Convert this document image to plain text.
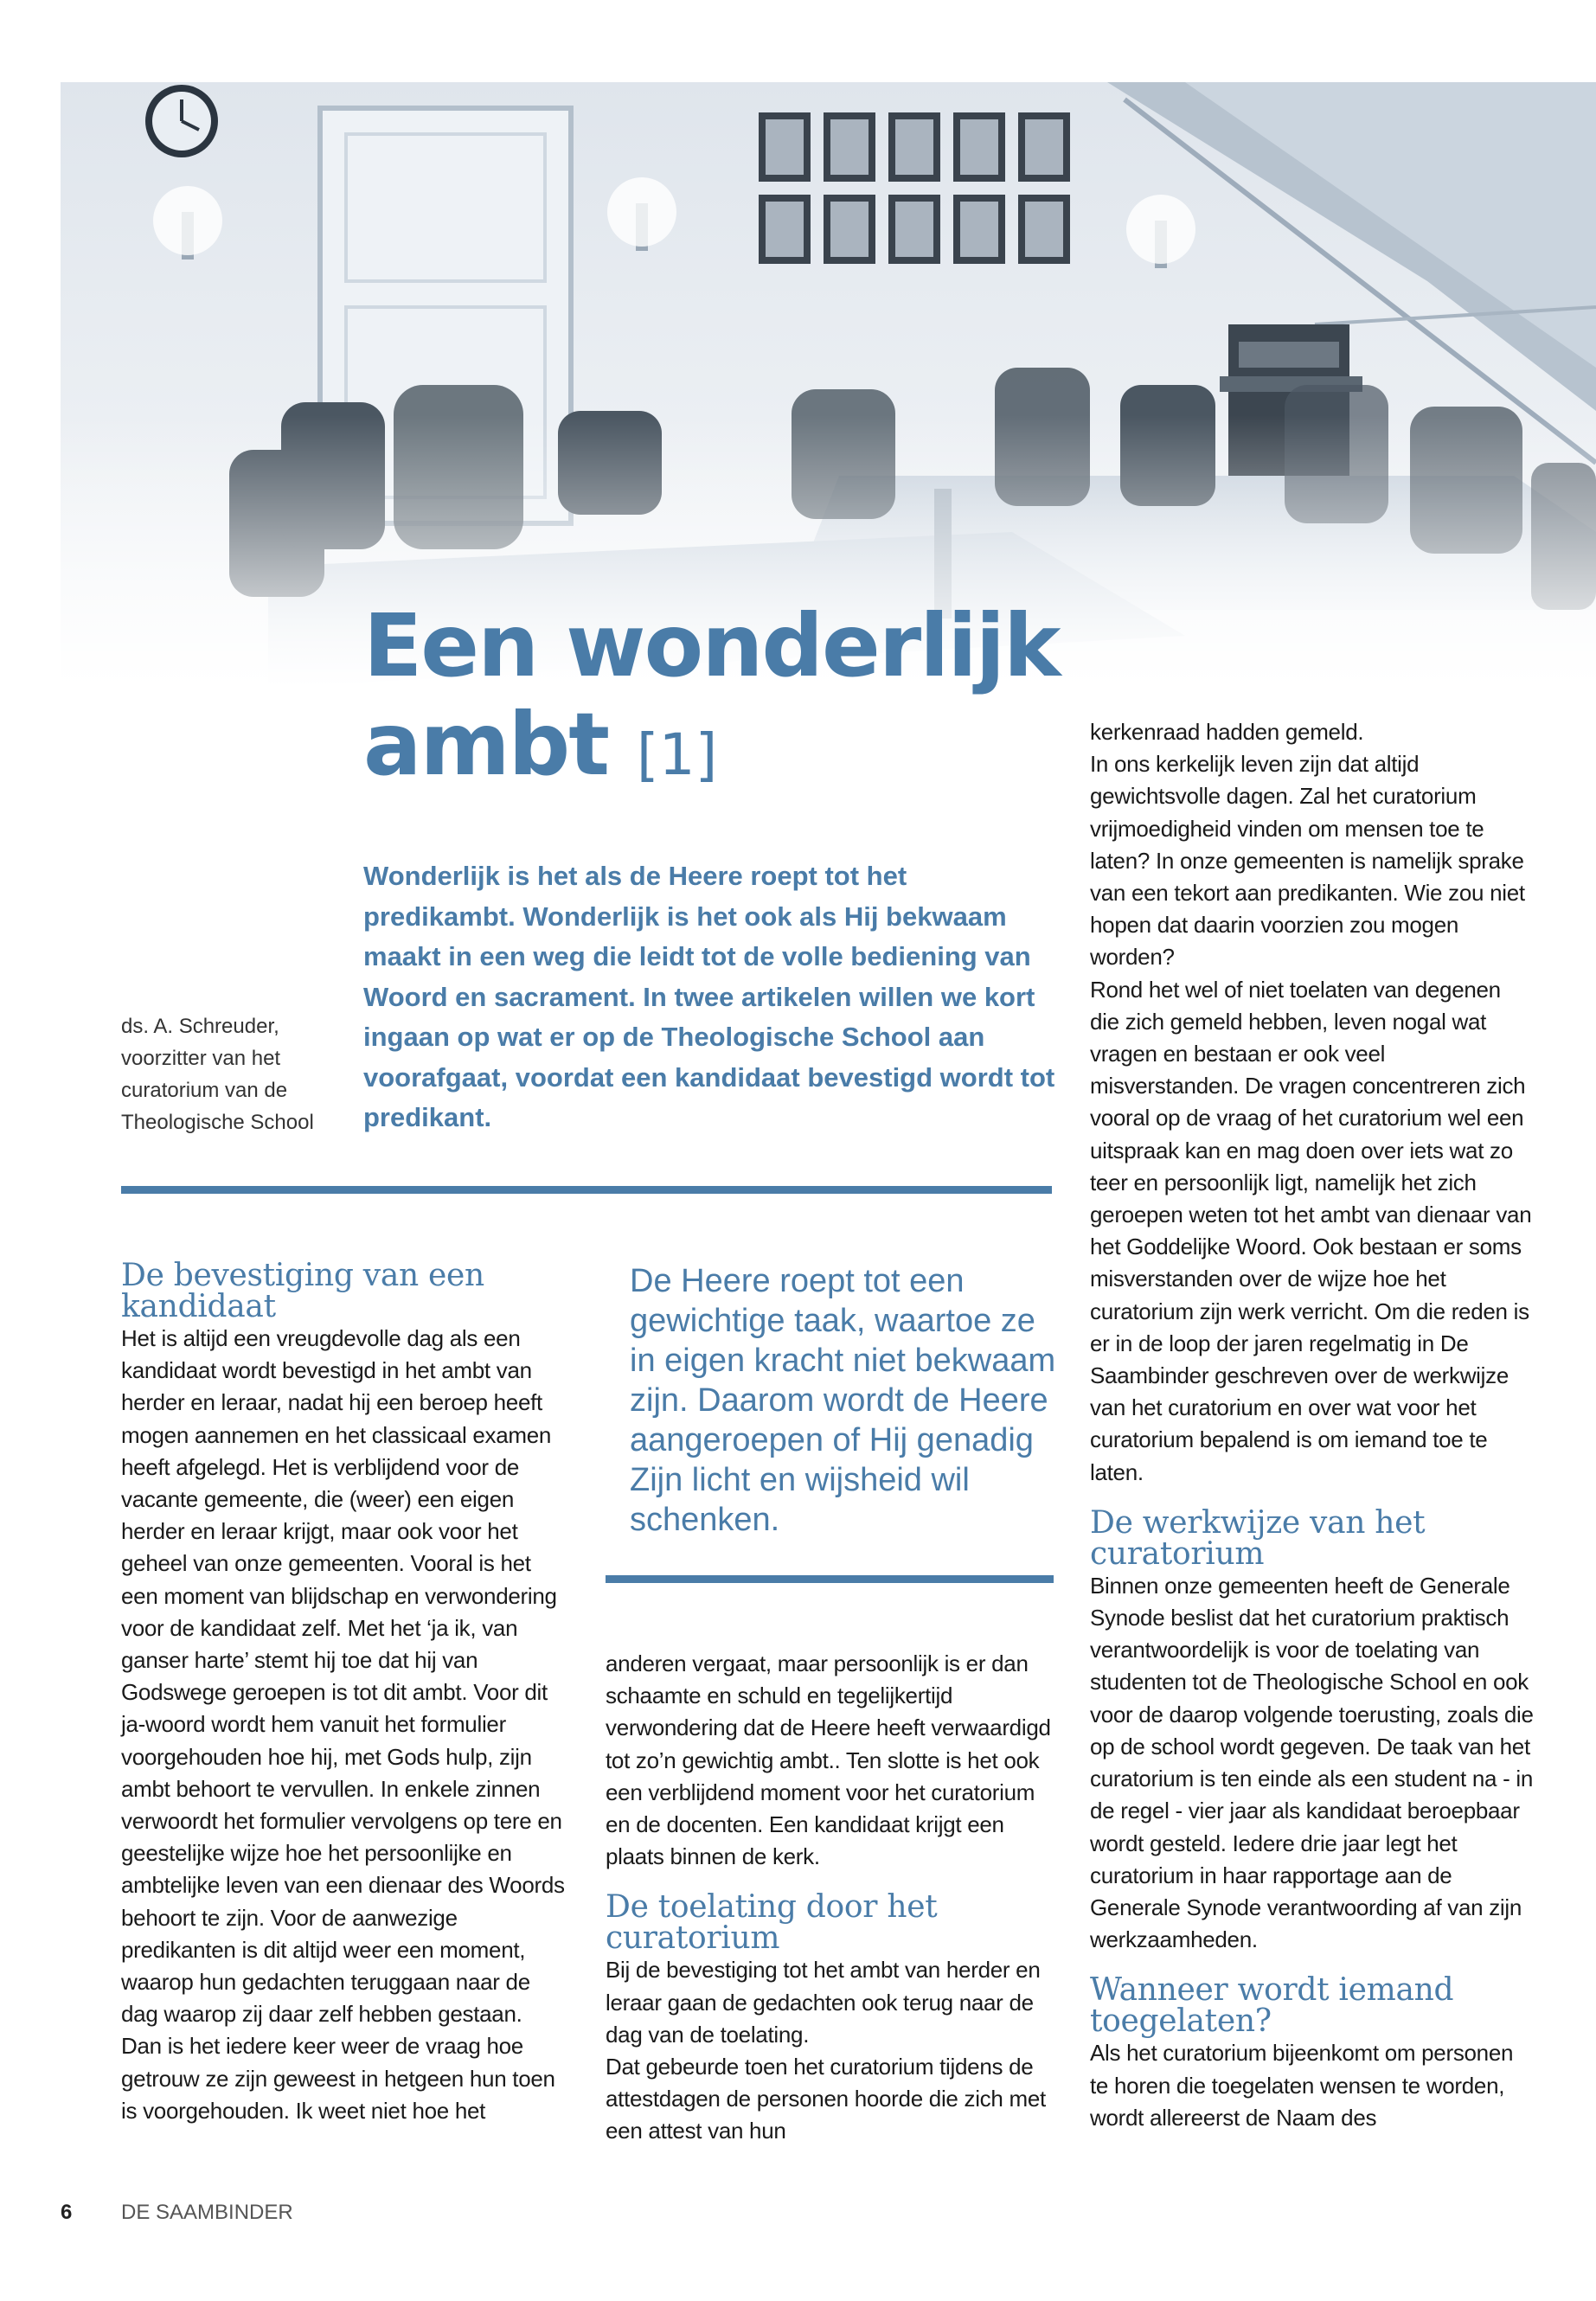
Een wonderlijk
ambt [1]
Wonderlijk is het als de Heere roept tot het predikambt. Wonderlijk is het ook als Hij bekwaam maakt in een weg die leidt tot de volle bediening van Woord en sacrament. In twee artikelen willen we kort ingaan op wat er op de Theologische School aan voorafgaat, voordat een kandidaat bevestigd wordt tot predikant.
ds. A. Schreuder, voorzitter van het curatorium van de Theologische School
De bevestiging van een kandidaat

Het is altijd een vreugdevolle dag als een kandidaat wordt bevestigd in het ambt van herder en leraar, nadat hij een beroep heeft mogen aannemen en het classicaal examen heeft afgelegd. Het is verblijdend voor de vacante gemeente, die (weer) een eigen herder en leraar krijgt, maar ook voor het geheel van onze gemeenten. Vooral is het een moment van blijdschap en verwondering voor de kandidaat zelf. Met het ‘ja ik, van ganser harte’ stemt hij toe dat hij van Godswege geroepen is tot dit ambt. Voor dit ja-woord wordt hem vanuit het formulier voorgehouden hoe hij, met Gods hulp, zijn ambt behoort te vervullen. In enkele zinnen verwoordt het formulier vervolgens op tere en geestelijke wijze hoe het persoonlijke en ambtelijke leven van een dienaar des Woords behoort te zijn. Voor de aanwezige predikanten is dit altijd weer een moment, waarop hun gedachten teruggaan naar de dag waarop zij daar zelf hebben gestaan. Dan is het iedere keer weer de vraag hoe getrouw ze zijn geweest in hetgeen hun toen is voorgehouden. Ik weet niet hoe het

De Heere roept tot een gewichtige taak, waartoe ze in eigen kracht niet bekwaam zijn. Daarom wordt de Heere aangeroepen of Hij genadig Zijn licht en wijsheid wil schenken.

anderen vergaat, maar persoonlijk is er dan schaamte en schuld en tegelijkertijd verwondering dat de Heere heeft verwaardigd tot zo’n gewichtig ambt.. Ten slotte is het ook een verblijdend moment voor het curatorium en de docenten. Een kandidaat krijgt een plaats binnen de kerk.

De toelating door het curatorium

Bij de bevestiging tot het ambt van herder en leraar gaan de gedachten ook terug naar de dag van de toelating.

Dat gebeurde toen het curatorium tijdens de attestdagen de personen hoorde die zich met een attest van hun

kerkenraad hadden gemeld.

In ons kerkelijk leven zijn dat altijd gewichtsvolle dagen. Zal het curatorium vrijmoedigheid vinden om mensen toe te laten? In onze gemeenten is namelijk sprake van een tekort aan predikanten. Wie zou niet hopen dat daarin voorzien zou mogen worden?

Rond het wel of niet toelaten van degenen die zich gemeld hebben, leven nogal wat vragen en bestaan er ook veel misverstanden. De vragen concentreren zich vooral op de vraag of het curatorium wel een uitspraak kan en mag doen over iets wat zo teer en persoonlijk ligt, namelijk het zich geroepen weten tot het ambt van dienaar van het Goddelijke Woord. Ook bestaan er soms misverstanden over de wijze hoe het curatorium zijn werk verricht. Om die reden is er in de loop der jaren regelmatig in De Saambinder geschreven over de werkwijze van het curatorium en over wat voor het curatorium bepalend is om iemand toe te laten.

De werkwijze van het curatorium

Binnen onze gemeenten heeft de Generale Synode beslist dat het curatorium praktisch verantwoordelijk is voor de toelating van studenten tot de Theologische School en ook voor de daarop volgende toerusting, zoals die op de school wordt gegeven. De taak van het curatorium is ten einde als een student na - in de regel - vier jaar als kandidaat beroepbaar wordt gesteld. Iedere drie jaar legt het curatorium in haar rapportage aan de Generale Synode verantwoording af van zijn werkzaamheden.

Wanneer wordt iemand toegelaten?

Als het curatorium bijeenkomt om personen te horen die toegelaten wensen te worden, wordt allereerst de Naam des

6 DE SAAMBINDER
